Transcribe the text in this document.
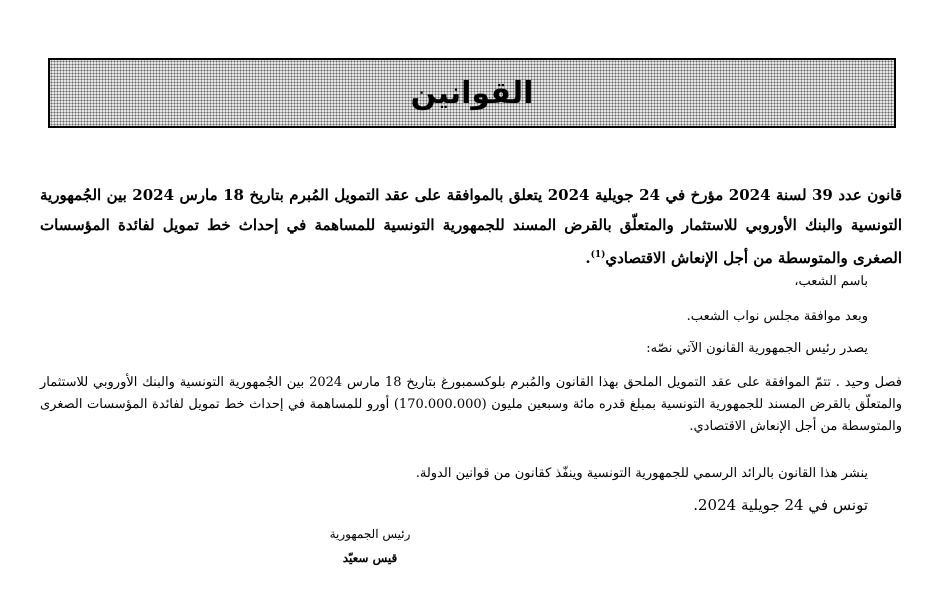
القوانين

قانون عدد 39 لسنة 2024 مؤرخ في 24 جويلية 2024 يتعلق بالموافقة على عقد التمويل المُبرم بتاريخ 18 مارس 2024 بين الجُمهورية التونسية والبنك الأوروبي للاستثمار والمتعلّق بالقرض المسند للجمهورية التونسية للمساهمة في إحداث خط تمويل لفائدة المؤسسات الصغرى والمتوسطة من أجل الإنعاش الاقتصادي$^{(1)}$.

باسم الشعب،

وبعد موافقة مجلس نواب الشعب.

يصدر رئيس الجمهورية القانون الآتي نصّه:

فصل وحيد . تتمّ الموافقة على عقد التمويل الملحق بهذا القانون والمُبرم بلوكسمبورغ بتاريخ 18 مارس 2024 بين الجُمهورية التونسية والبنك الأوروبي للاستثمار والمتعلّق بالقرض المسند للجمهورية التونسية بمبلغ قدره مائة وسبعين مليون (170.000.000) أورو للمساهمة في إحداث خط تمويل لفائدة المؤسسات الصغرى والمتوسطة من أجل الإنعاش الاقتصادي.

ينشر هذا القانون بالرائد الرسمي للجمهورية التونسية وينفّذ كقانون من قوانين الدولة.

تونس في 24 جويلية 2024.

رئيس الجمهورية
قيس سعيّد
